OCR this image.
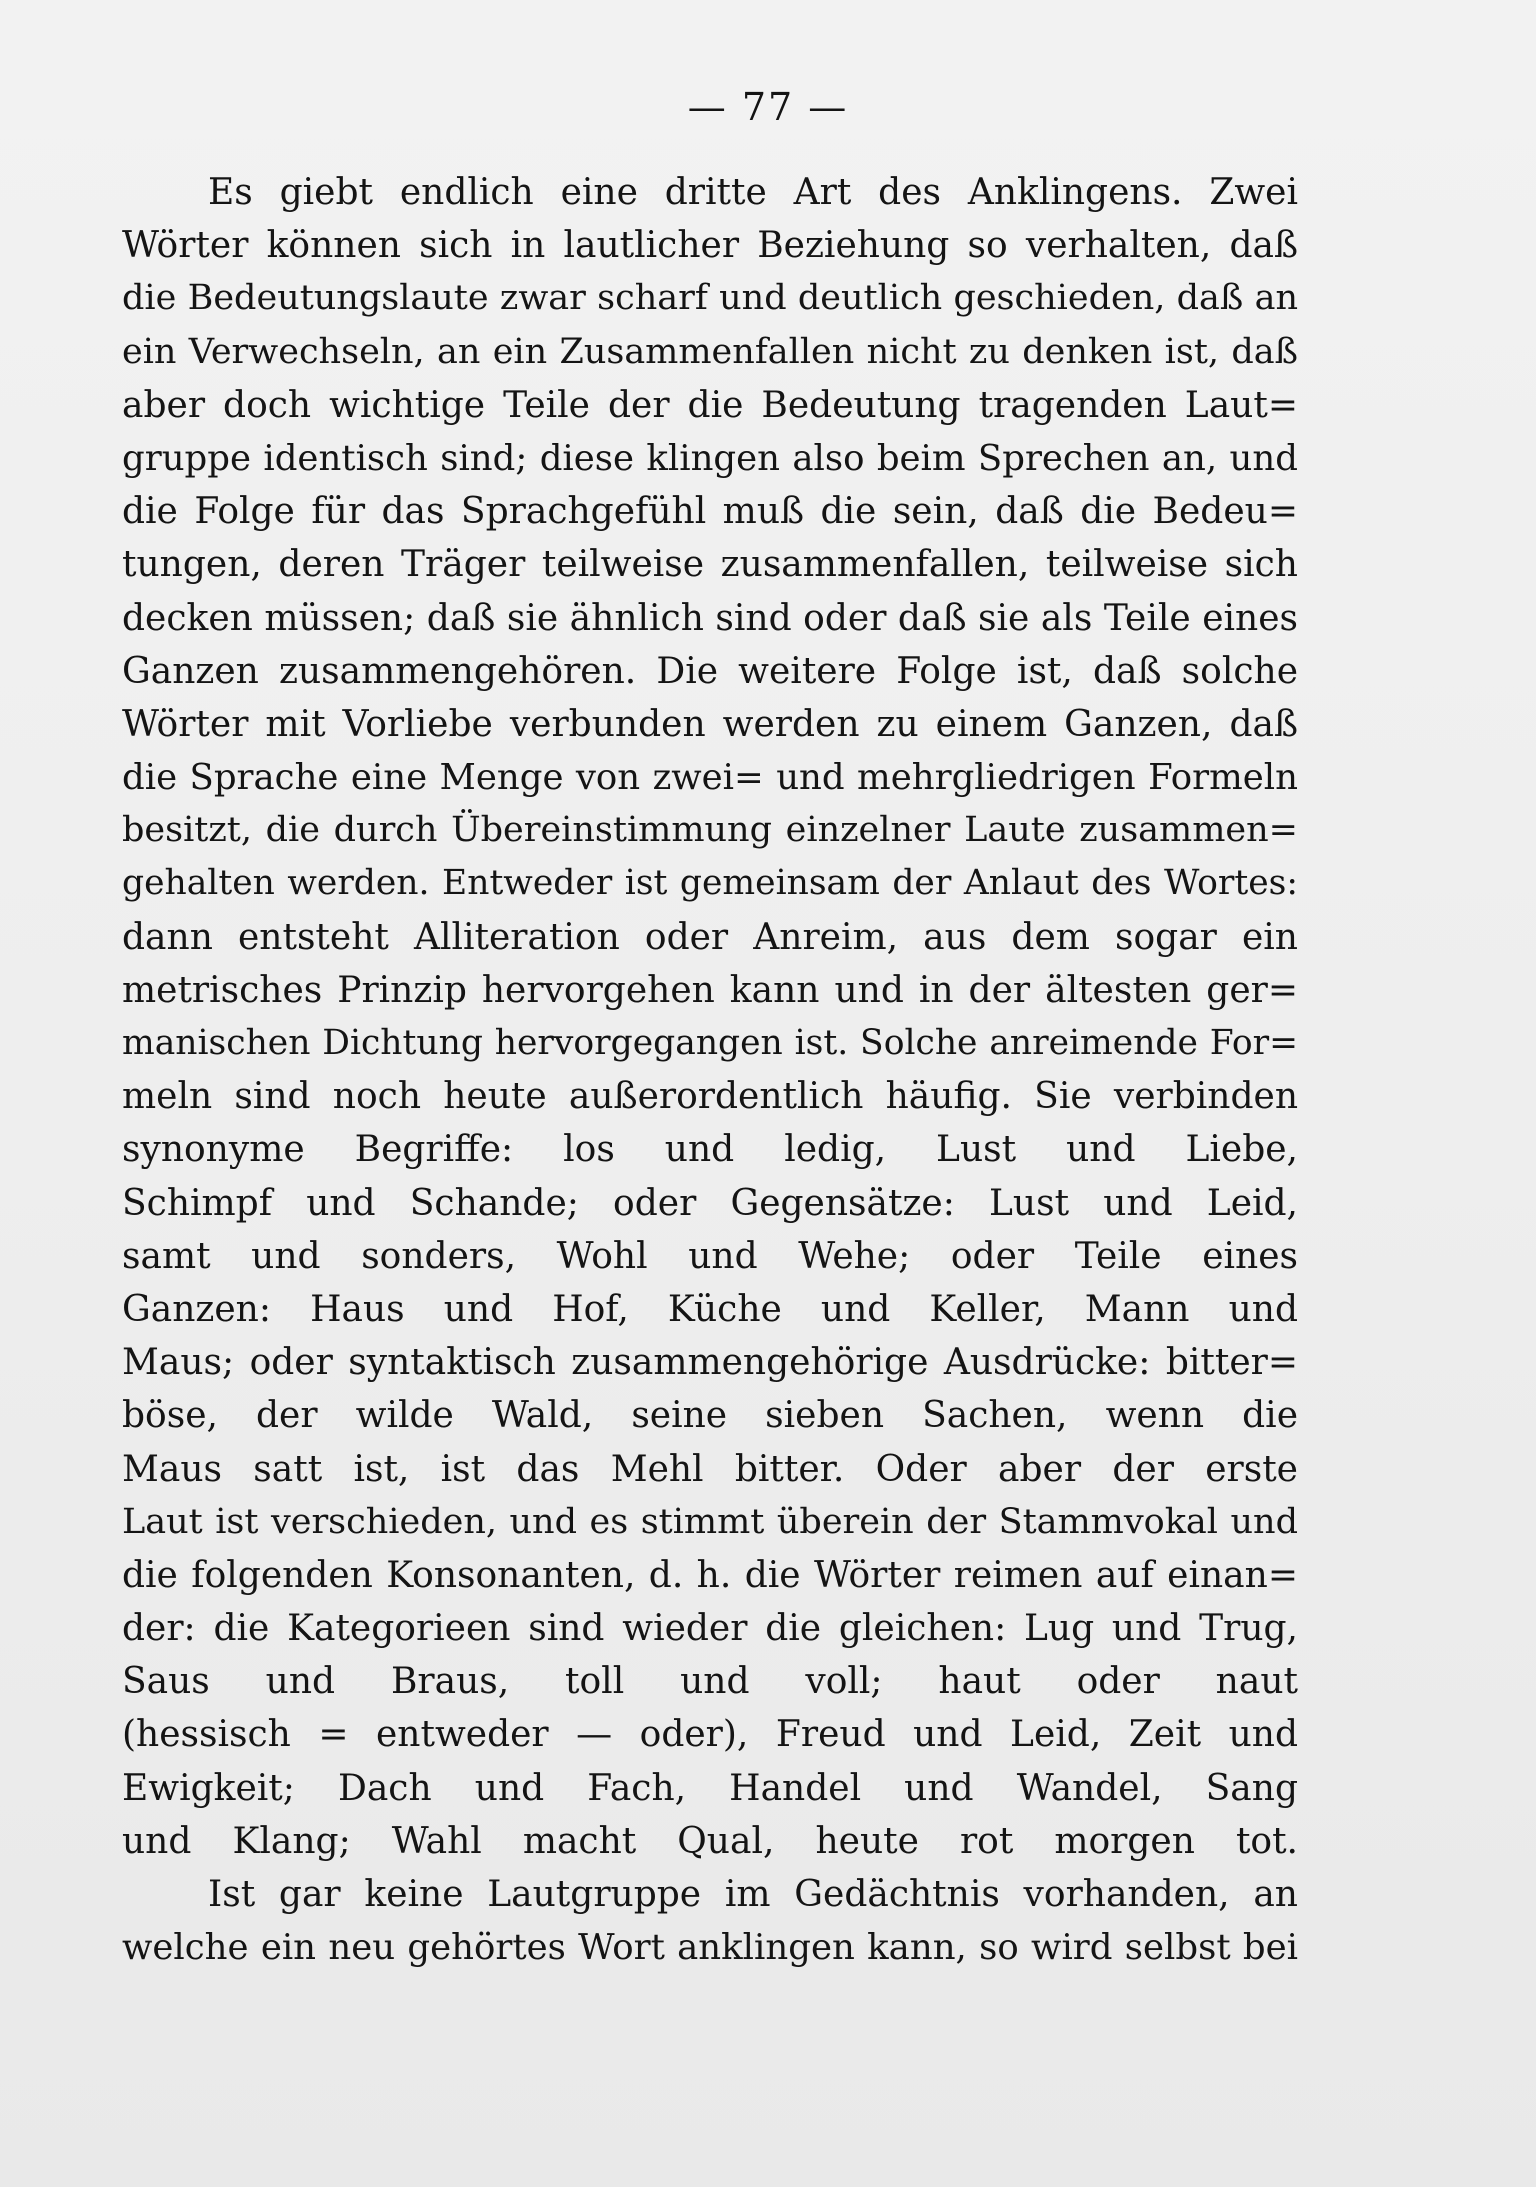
— 77 —
Es giebt endlich eine dritte Art des Anklingens. Zwei
Wörter können sich in lautlicher Beziehung so verhalten, daß
die Bedeutungslaute zwar scharf und deutlich geschieden, daß an
ein Verwechseln, an ein Zusammenfallen nicht zu denken ist, daß
aber doch wichtige Teile der die Bedeutung tragenden Laut=
gruppe identisch sind; diese klingen also beim Sprechen an, und
die Folge für das Sprachgefühl muß die sein, daß die Bedeu=
tungen, deren Träger teilweise zusammenfallen, teilweise sich
decken müssen; daß sie ähnlich sind oder daß sie als Teile eines
Ganzen zusammengehören. Die weitere Folge ist, daß solche
Wörter mit Vorliebe verbunden werden zu einem Ganzen, daß
die Sprache eine Menge von zwei= und mehrgliedrigen Formeln
besitzt, die durch Übereinstimmung einzelner Laute zusammen=
gehalten werden. Entweder ist gemeinsam der Anlaut des Wortes:
dann entsteht Alliteration oder Anreim, aus dem sogar ein
metrisches Prinzip hervorgehen kann und in der ältesten ger=
manischen Dichtung hervorgegangen ist. Solche anreimende For=
meln sind noch heute außerordentlich häufig. Sie verbinden
synonyme Begriffe: los und ledig, Lust und Liebe,
Schimpf und Schande; oder Gegensätze: Lust und Leid,
samt und sonders, Wohl und Wehe; oder Teile eines
Ganzen: Haus und Hof, Küche und Keller, Mann und
Maus; oder syntaktisch zusammengehörige Ausdrücke: bitter=
böse, der wilde Wald, seine sieben Sachen, wenn die
Maus satt ist, ist das Mehl bitter. Oder aber der erste
Laut ist verschieden, und es stimmt überein der Stammvokal und
die folgenden Konsonanten, d. h. die Wörter reimen auf einan=
der: die Kategorieen sind wieder die gleichen: Lug und Trug,
Saus und Braus, toll und voll; haut oder naut
(hessisch = entweder — oder), Freud und Leid, Zeit und
Ewigkeit; Dach und Fach, Handel und Wandel, Sang
und Klang; Wahl macht Qual, heute rot morgen tot.
Ist gar keine Lautgruppe im Gedächtnis vorhanden, an
welche ein neu gehörtes Wort anklingen kann, so wird selbst bei
